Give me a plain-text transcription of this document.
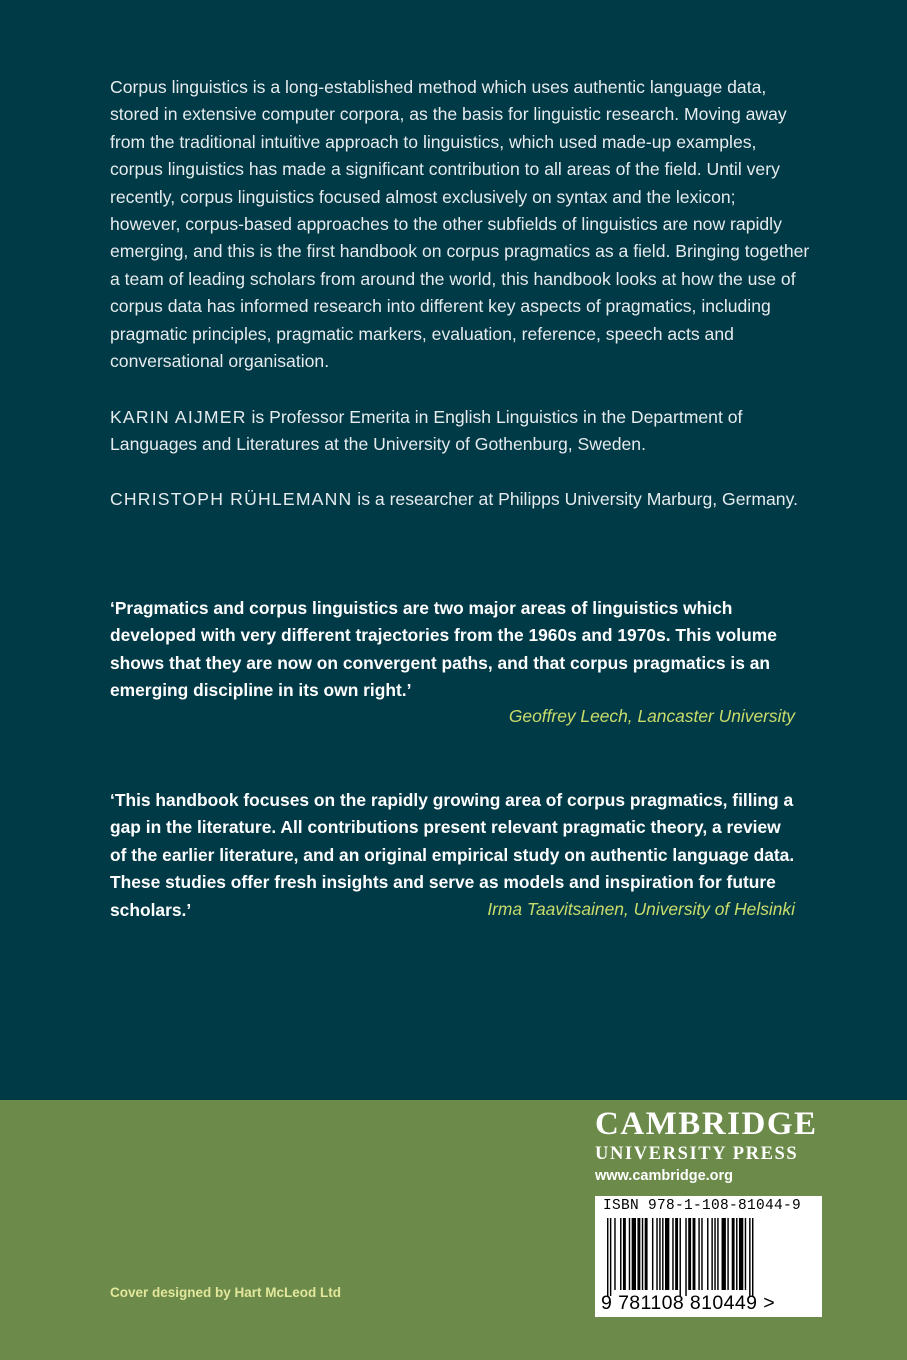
Corpus linguistics is a long-established method which uses authentic language data, stored in extensive computer corpora, as the basis for linguistic research. Moving away from the traditional intuitive approach to linguistics, which used made-up examples, corpus linguistics has made a significant contribution to all areas of the field. Until very recently, corpus linguistics focused almost exclusively on syntax and the lexicon; however, corpus-based approaches to the other subfields of linguistics are now rapidly emerging, and this is the first handbook on corpus pragmatics as a field. Bringing together a team of leading scholars from around the world, this handbook looks at how the use of corpus data has informed research into different key aspects of pragmatics, including pragmatic principles, pragmatic markers, evaluation, reference, speech acts and conversational organisation.

KARIN AIJMER is Professor Emerita in English Linguistics in the Department of Languages and Literatures at the University of Gothenburg, Sweden.

CHRISTOPH RÜHLEMANN is a researcher at Philipps University Marburg, Germany.

‘Pragmatics and corpus linguistics are two major areas of linguistics which developed with very different trajectories from the 1960s and 1970s. This volume shows that they are now on convergent paths, and that corpus pragmatics is an emerging discipline in its own right.’

Geoffrey Leech, Lancaster University

‘This handbook focuses on the rapidly growing area of corpus pragmatics, filling a gap in the literature. All contributions present relevant pragmatic theory, a review of the earlier literature, and an original empirical study on authentic language data. These studies offer fresh insights and serve as models and inspiration for future scholars.’	Irma Taavitsainen, University of Helsinki

CAMBRIDGE
UNIVERSITY PRESS
www.cambridge.org
ISBN 978-1-108-81044-9
9 781108 810449 >
Cover designed by Hart McLeod Ltd
